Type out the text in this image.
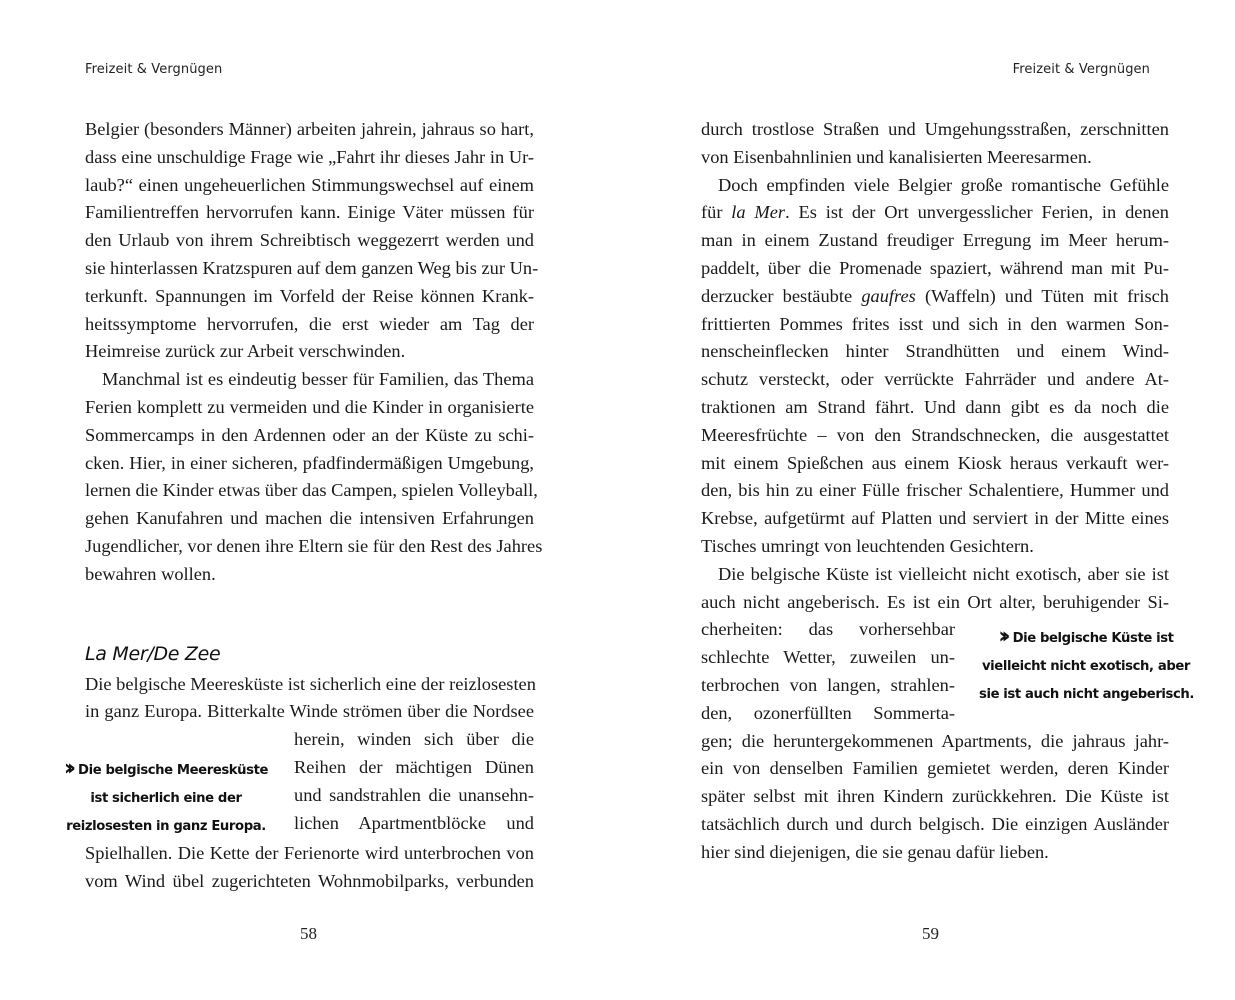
Freizeit & Vergnügen
Belgier (besonders Männer) arbeiten jahrein, jahraus so hart,
dass eine unschuldige Frage wie „Fahrt ihr dieses Jahr in Ur-
laub?“ einen ungeheuerlichen Stimmungswechsel auf einem
Familientreffen hervorrufen kann. Einige Väter müssen für
den Urlaub von ihrem Schreibtisch weggezerrt werden und
sie hinterlassen Kratzspuren auf dem ganzen Weg bis zur Un-
terkunft. Spannungen im Vorfeld der Reise können Krank-
heitssymptome hervorrufen, die erst wieder am Tag der
Heimreise zurück zur Arbeit verschwinden.
Manchmal ist es eindeutig besser für Familien, das Thema
Ferien komplett zu vermeiden und die Kinder in organisierte
Sommercamps in den Ardennen oder an der Küste zu schi-
cken. Hier, in einer sicheren, pfadfindermäßigen Umgebung,
lernen die Kinder etwas über das Campen, spielen Volleyball,
gehen Kanufahren und machen die intensiven Erfahrungen
Jugendlicher, vor denen ihre Eltern sie für den Rest des Jahres
bewahren wollen.
La Mer/De Zee
Die belgische Meeresküste ist sicherlich eine der reizlosesten
in ganz Europa. Bitterkalte Winde strömen über die Nordsee
›› Die belgische Meeresküste
ist sicherlich eine der
reizlosesten in ganz Europa.
herein, winden sich über die
Reihen der mächtigen Dünen
und sandstrahlen die unansehn-
lichen Apartmentblöcke und
Spielhallen. Die Kette der Ferienorte wird unterbrochen von
vom Wind übel zugerichteten Wohnmobilparks, verbunden
58
Freizeit & Vergnügen
durch trostlose Straßen und Umgehungsstraßen, zerschnitten
von Eisenbahnlinien und kanalisierten Meeresarmen.
Doch empfinden viele Belgier große romantische Gefühle
für la Mer. Es ist der Ort unvergesslicher Ferien, in denen
man in einem Zustand freudiger Erregung im Meer herum-
paddelt, über die Promenade spaziert, während man mit Pu-
derzucker bestäubte gaufres (Waffeln) und Tüten mit frisch
frittierten Pommes frites isst und sich in den warmen Son-
nenscheinflecken hinter Strandhütten und einem Wind-
schutz versteckt, oder verrückte Fahrräder und andere At-
traktionen am Strand fährt. Und dann gibt es da noch die
Meeresfrüchte – von den Strandschnecken, die ausgestattet
mit einem Spießchen aus einem Kiosk heraus verkauft wer-
den, bis hin zu einer Fülle frischer Schalentiere, Hummer und
Krebse, aufgetürmt auf Platten und serviert in der Mitte eines
Tisches umringt von leuchtenden Gesichtern.
Die belgische Küste ist vielleicht nicht exotisch, aber sie ist
auch nicht angeberisch. Es ist ein Ort alter, beruhigender Si-
cherheiten: das vorhersehbar
schlechte Wetter, zuweilen un-
terbrochen von langen, strahlen-
den, ozonerfüllten Sommerta-
›› Die belgische Küste ist
vielleicht nicht exotisch, aber
sie ist auch nicht angeberisch.
gen; die heruntergekommenen Apartments, die jahraus jahr-
ein von denselben Familien gemietet werden, deren Kinder
später selbst mit ihren Kindern zurückkehren. Die Küste ist
tatsächlich durch und durch belgisch. Die einzigen Ausländer
hier sind diejenigen, die sie genau dafür lieben.
59
